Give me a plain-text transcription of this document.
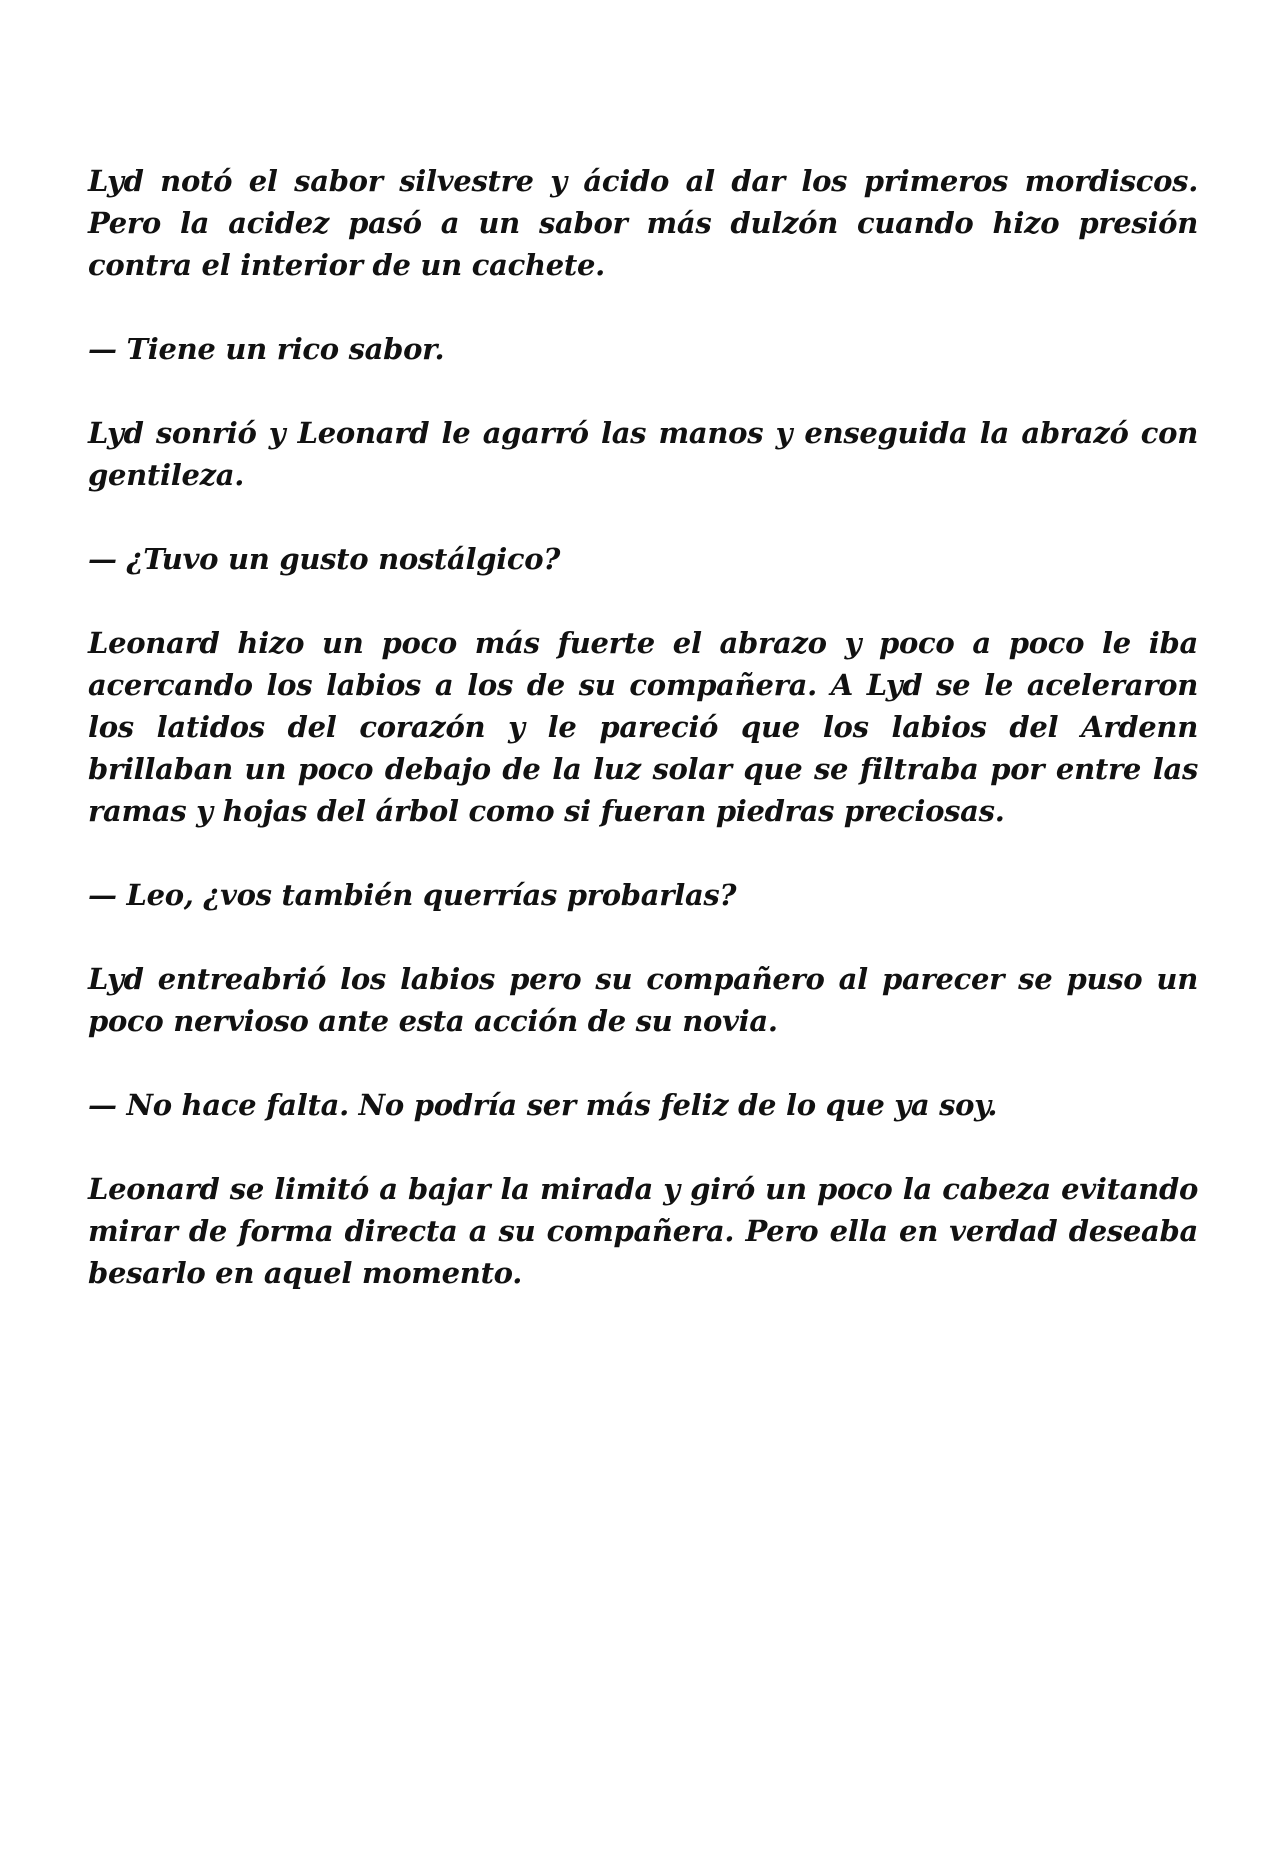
Lyd notó el sabor silvestre y ácido al dar los primeros mordiscos. Pero la acidez pasó a un sabor más dulzón cuando hizo presión contra el interior de un cachete.

— Tiene un rico sabor.

Lyd sonrió y Leonard le agarró las manos y enseguida la abrazó con gentileza.

— ¿Tuvo un gusto nostálgico?

Leonard hizo un poco más fuerte el abrazo y poco a poco le iba acercando los labios a los de su compañera. A Lyd se le aceleraron los latidos del corazón y le pareció que los labios del Ardenn brillaban un poco debajo de la luz solar que se filtraba por entre las ramas y hojas del árbol como si fueran piedras preciosas.

— Leo, ¿vos también querrías probarlas?

Lyd entreabrió los labios pero su compañero al parecer se puso un poco nervioso ante esta acción de su novia.

— No hace falta. No podría ser más feliz de lo que ya soy.

Leonard se limitó a bajar la mirada y giró un poco la cabeza evitando mirar de forma directa a su compañera. Pero ella en verdad deseaba besarlo en aquel momento.
